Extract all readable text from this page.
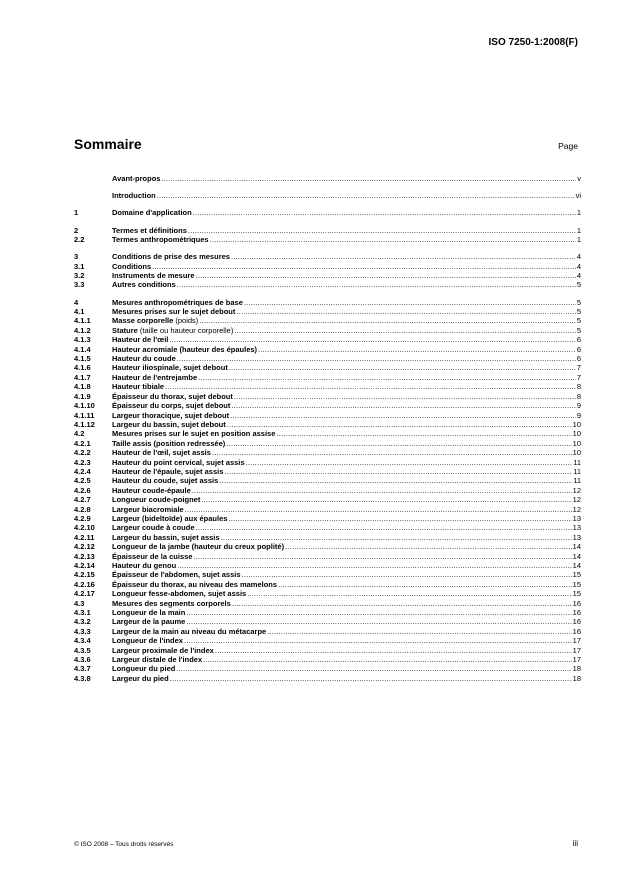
ISO 7250-1:2008(F)
Sommaire	Page
Avant-propos .....	v
Introduction .....	vi
1	Domaine d'application .....	1
2	Termes et définitions .....	1
2.2	Termes anthropométriques .....	1
3	Conditions de prise des mesures .....	4
3.1	Conditions .....	4
3.2	Instruments de mesure .....	4
3.3	Autres conditions .....	5
4	Mesures anthropométriques de base .....	5
4.1	Mesures prises sur le sujet debout .....	5
4.1.1	Masse corporelle (poids) .....	5
4.1.2	Stature (taille ou hauteur corporelle) .....	5
4.1.3	Hauteur de l'œil .....	6
4.1.4	Hauteur acromiale (hauteur des épaules) .....	6
4.1.5	Hauteur du coude .....	6
4.1.6	Hauteur iliospinale, sujet debout .....	7
4.1.7	Hauteur de l'entrejambe .....	7
4.1.8	Hauteur tibiale .....	8
4.1.9	Épaisseur du thorax, sujet debout .....	8
4.1.10	Épaisseur du corps, sujet debout .....	9
4.1.11	Largeur thoracique, sujet debout .....	9
4.1.12	Largeur du bassin, sujet debout .....	10
4.2	Mesures prises sur le sujet en position assise .....	10
4.2.1	Taille assis (position redressée) .....	10
4.2.2	Hauteur de l'œil, sujet assis .....	10
4.2.3	Hauteur du point cervical, sujet assis .....	11
4.2.4	Hauteur de l'épaule, sujet assis .....	11
4.2.5	Hauteur du coude, sujet assis .....	11
4.2.6	Hauteur coude-épaule .....	12
4.2.7	Longueur coude-poignet .....	12
4.2.8	Largeur biacromiale .....	12
4.2.9	Largeur (bideltoïde) aux épaules .....	13
4.2.10	Largeur coude à coude .....	13
4.2.11	Largeur du bassin, sujet assis .....	13
4.2.12	Longueur de la jambe (hauteur du creux poplité) .....	14
4.2.13	Épaisseur de la cuisse .....	14
4.2.14	Hauteur du genou .....	14
4.2.15	Épaisseur de l'abdomen, sujet assis .....	15
4.2.16	Épaisseur du thorax, au niveau des mamelons .....	15
4.2.17	Longueur fesse-abdomen, sujet assis .....	15
4.3	Mesures des segments corporels .....	16
4.3.1	Longueur de la main .....	16
4.3.2	Largeur de la paume .....	16
4.3.3	Largeur de la main au niveau du métacarpe .....	16
4.3.4	Longueur de l'index .....	17
4.3.5	Largeur proximale de l'index .....	17
4.3.6	Largeur distale de l'index .....	17
4.3.7	Longueur du pied .....	18
4.3.8	Largeur du pied .....	18
© ISO 2008 – Tous droits réservés	iii
